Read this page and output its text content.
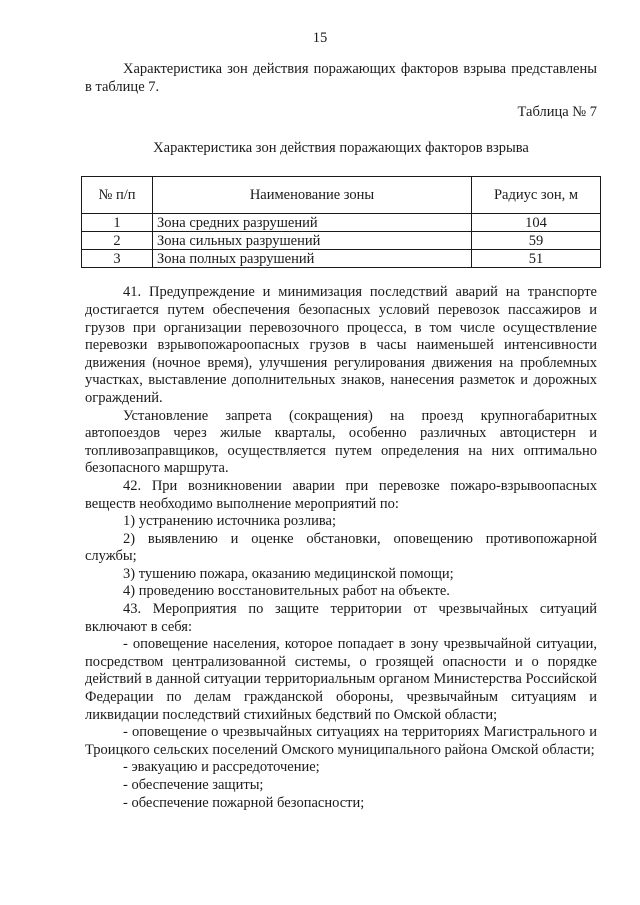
15

Характеристика зон действия поражающих факторов взрыва представлены в таблице 7.

Таблица № 7

Характеристика зон действия поражающих факторов взрыва

№ п/п	Наименование зоны	Радиус зон, м
1	Зона средних разрушений	104
2	Зона сильных разрушений	59
3	Зона полных разрушений	51

41. Предупреждение и минимизация последствий аварий на транспорте достигается путем обеспечения безопасных условий перевозок пассажиров и грузов при организации перевозочного процесса, в том числе осуществление перевозки взрывопожароопасных грузов в часы наименьшей интенсивности движения (ночное время), улучшения регулирования движения на проблемных участках, выставление дополнительных знаков, нанесения разметок и дорожных ограждений.

Установление запрета (сокращения) на проезд крупногабаритных автопоездов через жилые кварталы, особенно различных автоцистерн и топливозаправщиков, осуществляется путем определения на них оптимально безопасного маршрута.

42. При возникновении аварии при перевозке пожаро-взрывоопасных веществ необходимо выполнение мероприятий по:

1) устранению источника розлива;

2) выявлению и оценке обстановки, оповещению противопожарной службы;

3) тушению пожара, оказанию медицинской помощи;

4) проведению восстановительных работ на объекте.

43. Мероприятия по защите территории от чрезвычайных ситуаций включают в себя:

- оповещение населения, которое попадает в зону чрезвычайной ситуации, посредством централизованной системы, о грозящей опасности и о порядке действий в данной ситуации территориальным органом Министерства Российской Федерации по делам гражданской обороны, чрезвычайным ситуациям и ликвидации последствий стихийных бедствий по Омской области;

- оповещение о чрезвычайных ситуациях на территориях Магистрального и Троицкого сельских поселений Омского муниципального района Омской области;

- эвакуацию и рассредоточение;

- обеспечение защиты;

- обеспечение пожарной безопасности;
